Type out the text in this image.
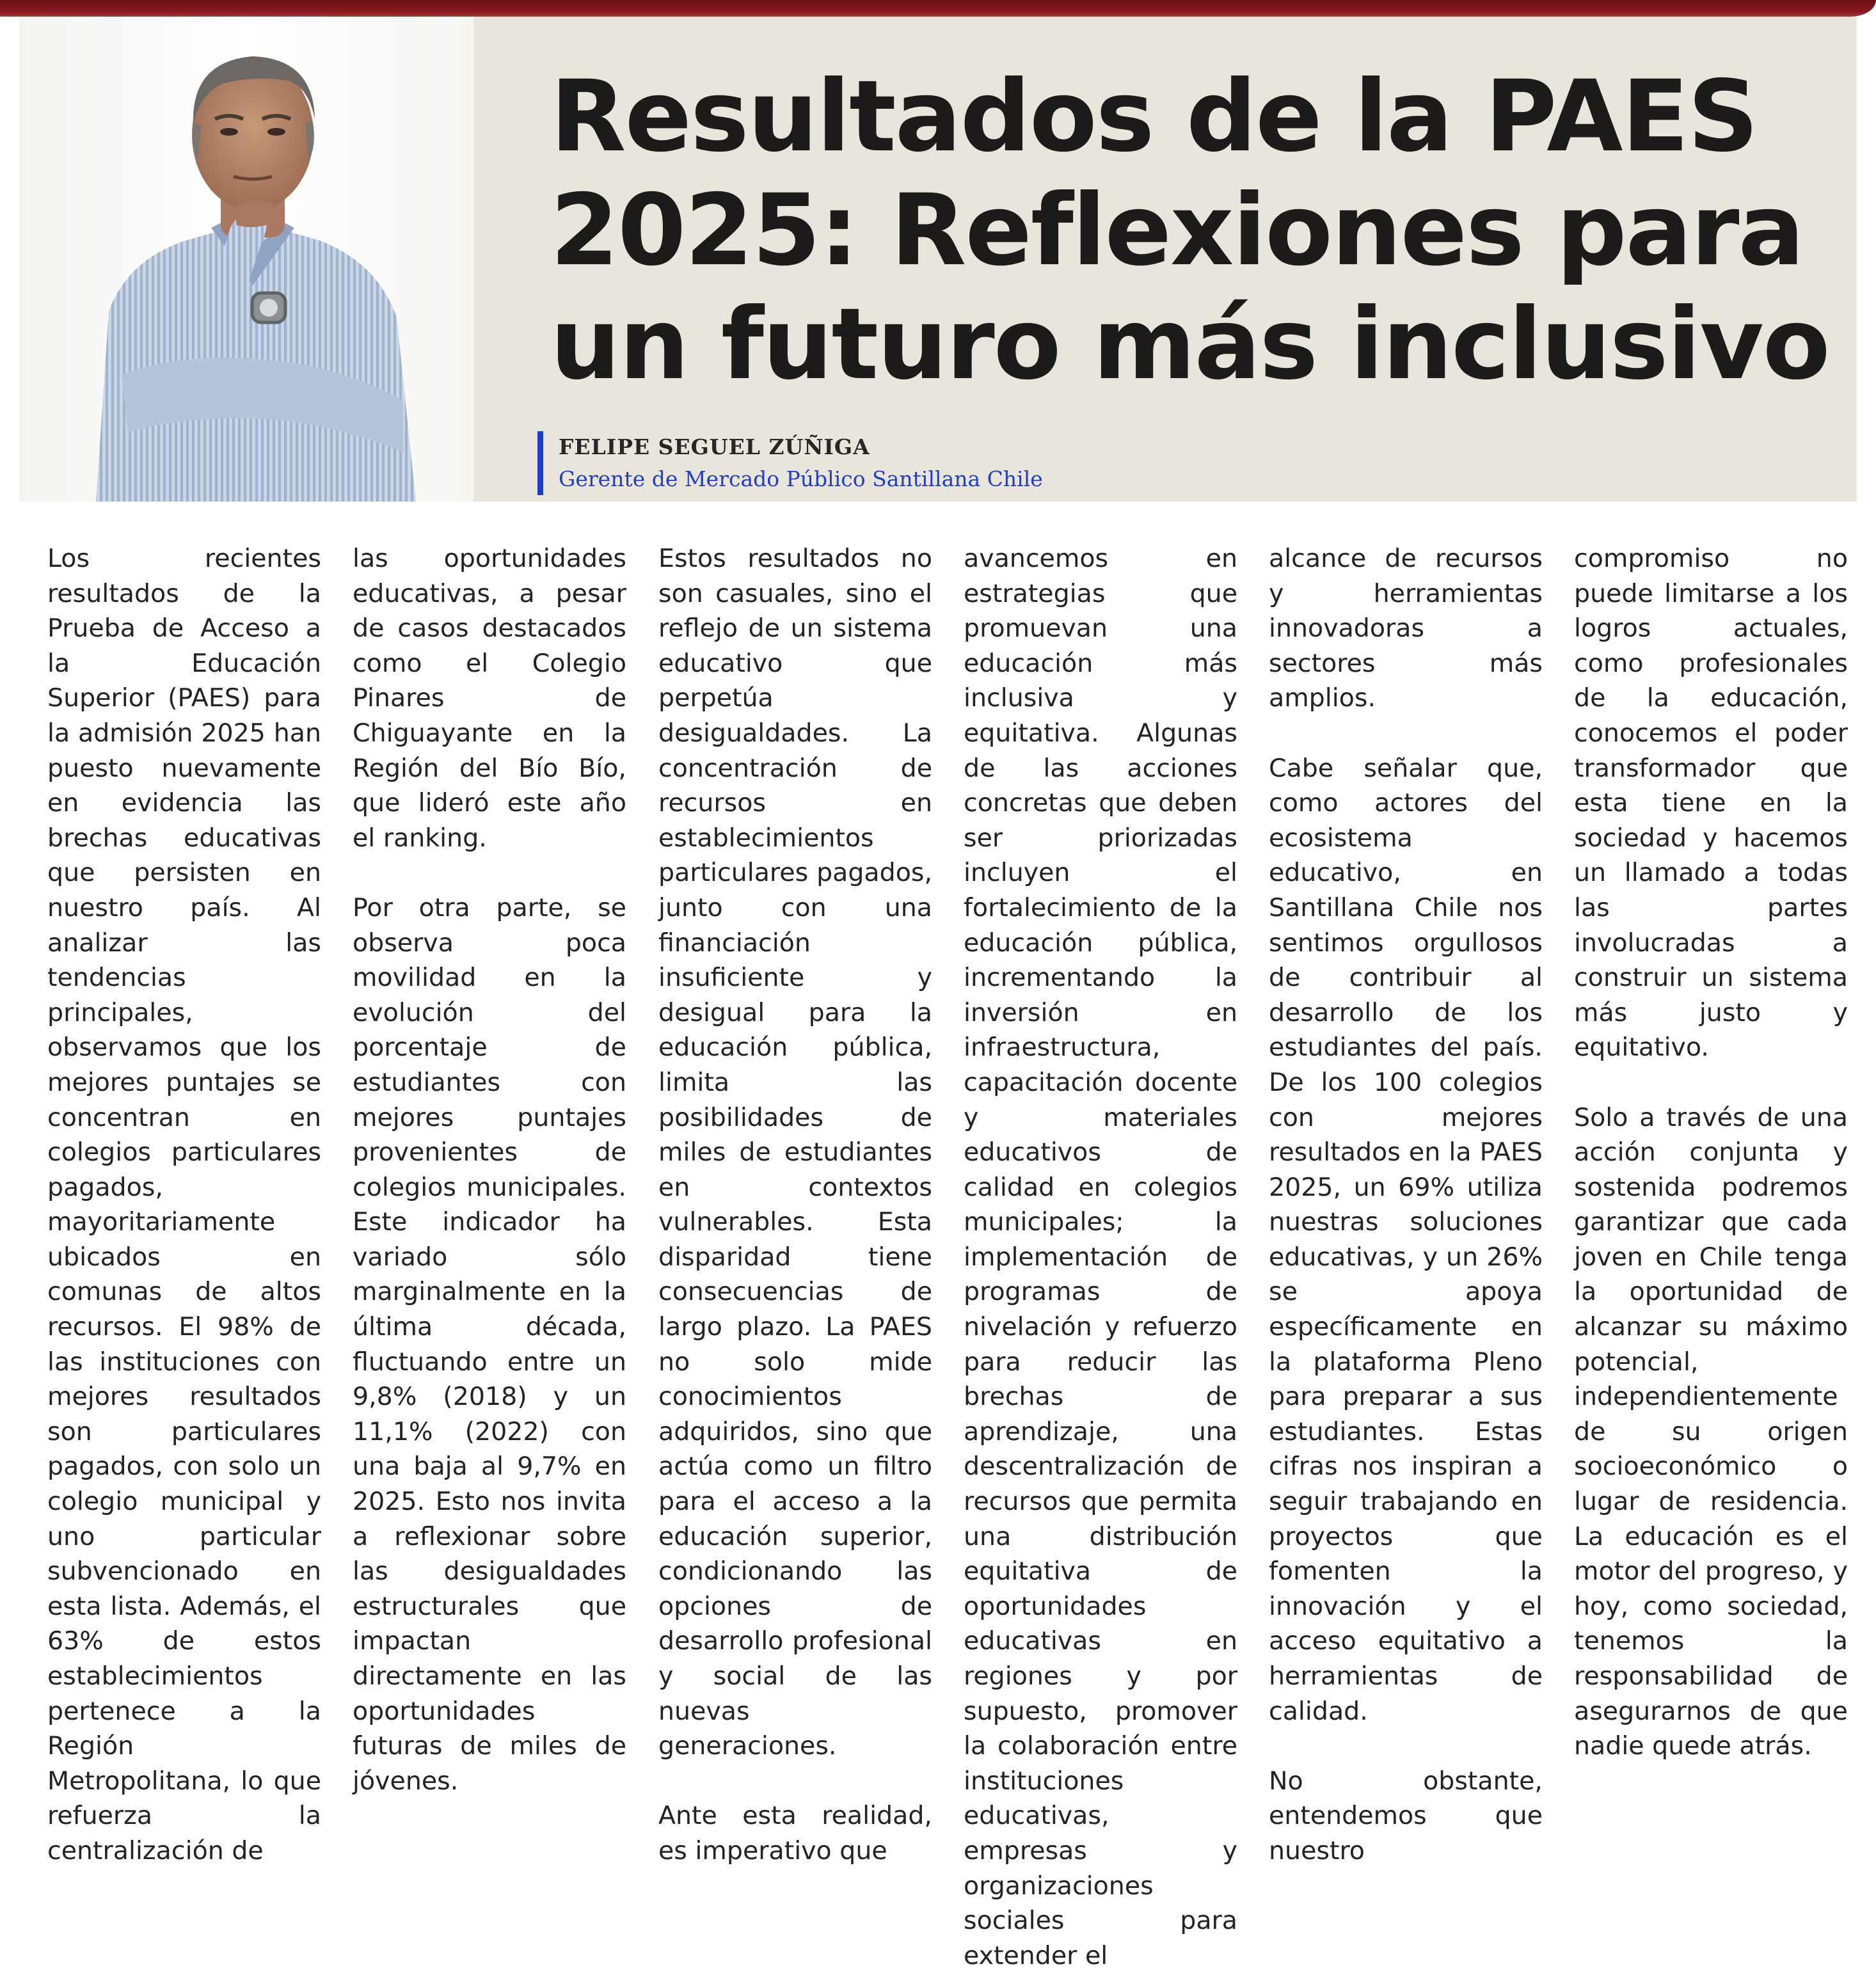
Resultados de la PAES 2025: Reflexiones para un futuro más inclusivo
FELIPE SEGUEL ZÚÑIGA
Gerente de Mercado Público Santillana Chile

Los recientes resultados de la Prueba de Acceso a la Educación Superior (PAES) para la admisión 2025 han puesto nuevamente en evidencia las brechas educativas que persisten en nuestro país. Al analizar las tendencias principales, observamos que los mejores puntajes se concentran en colegios particulares pagados, mayoritariamente ubicados en comunas de altos recursos. El 98% de las instituciones con mejores resultados son particulares pagados, con solo un colegio municipal y uno particular subvencionado en esta lista. Además, el 63% de estos establecimientos pertenece a la Región Metropolitana, lo que refuerza la centralización de

las oportunidades educativas, a pesar de casos destacados como el Colegio Pinares de Chiguayante en la Región del Bío Bío, que lideró este año el ranking.

Por otra parte, se observa poca movilidad en la evolución del porcentaje de estudiantes con mejores puntajes provenientes de colegios municipales. Este indicador ha variado sólo marginalmente en la última década, fluctuando entre un 9,8% (2018) y un 11,1% (2022) con una baja al 9,7% en 2025. Esto nos invita a reflexionar sobre las desigualdades estructurales que impactan directamente en las oportunidades futuras de miles de jóvenes.

Estos resultados no son casuales, sino el reflejo de un sistema educativo que perpetúa desigualdades. La concentración de recursos en establecimientos particulares pagados, junto con una financiación insuficiente y desigual para la educación pública, limita las posibilidades de miles de estudiantes en contextos vulnerables. Esta disparidad tiene consecuencias de largo plazo. La PAES no solo mide conocimientos adquiridos, sino que actúa como un filtro para el acceso a la educación superior, condicionando las opciones de desarrollo profesional y social de las nuevas generaciones.

Ante esta realidad, es imperativo que

avancemos en estrategias que promuevan una educación más inclusiva y equitativa. Algunas de las acciones concretas que deben ser priorizadas incluyen el fortalecimiento de la educación pública, incrementando la inversión en infraestructura, capacitación docente y materiales educativos de calidad en colegios municipales; la implementación de programas de nivelación y refuerzo para reducir las brechas de aprendizaje, una descentralización de recursos que permita una distribución equitativa de oportunidades educativas en regiones y por supuesto, promover la colaboración entre instituciones educativas, empresas y organizaciones sociales para extender el

alcance de recursos y herramientas innovadoras a sectores más amplios.

Cabe señalar que, como actores del ecosistema educativo, en Santillana Chile nos sentimos orgullosos de contribuir al desarrollo de los estudiantes del país. De los 100 colegios con mejores resultados en la PAES 2025, un 69% utiliza nuestras soluciones educativas, y un 26% se apoya específicamente en la plataforma Pleno para preparar a sus estudiantes. Estas cifras nos inspiran a seguir trabajando en proyectos que fomenten la innovación y el acceso equitativo a herramientas de calidad.

No obstante, entendemos que nuestro

compromiso no puede limitarse a los logros actuales, como profesionales de la educación, conocemos el poder transformador que esta tiene en la sociedad y hacemos un llamado a todas las partes involucradas a construir un sistema más justo y equitativo.

Solo a través de una acción conjunta y sostenida podremos garantizar que cada joven en Chile tenga la oportunidad de alcanzar su máximo potencial, independientemente de su origen socioeconómico o lugar de residencia. La educación es el motor del progreso, y hoy, como sociedad, tenemos la responsabilidad de asegurarnos de que nadie quede atrás.
